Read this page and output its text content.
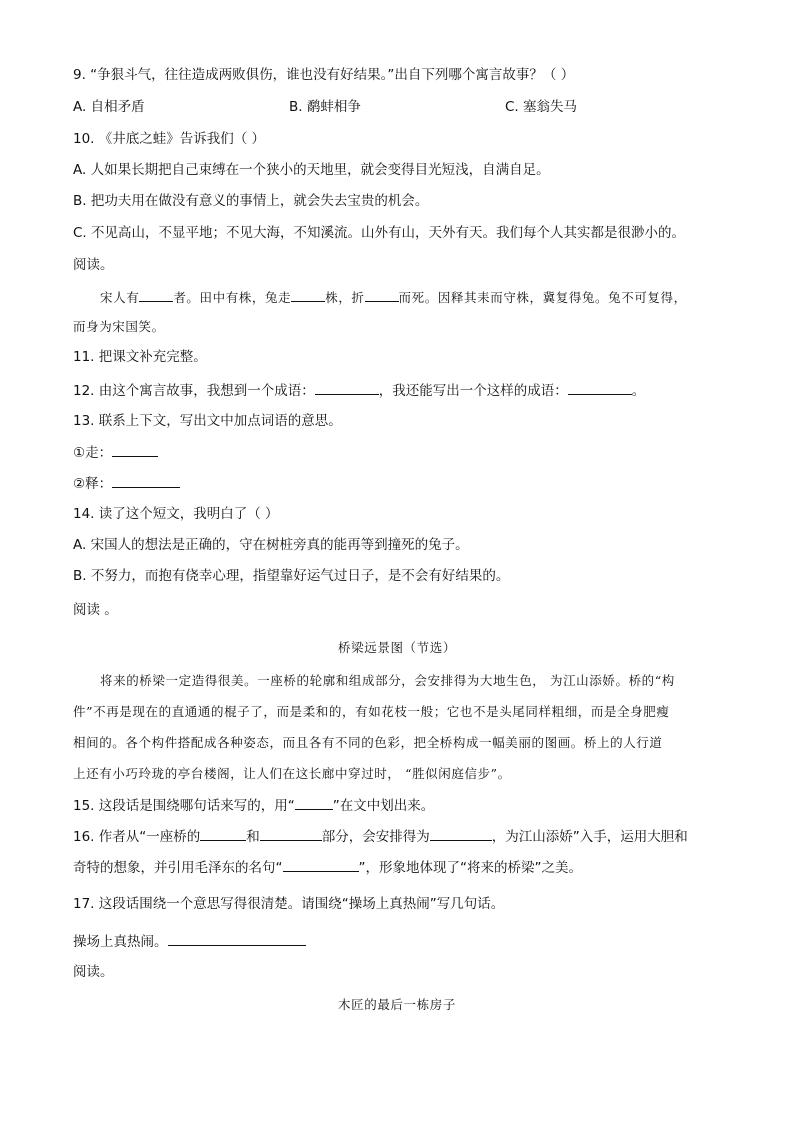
9. “争狠斗气，往往造成两败俱伤，谁也没有好结果。”出自下列哪个寓言故事？（ ）
A. 自相矛盾	B. 鹬蚌相争	C. 塞翁失马
10. 《井底之蛙》告诉我们（ ）
A. 人如果长期把自己束缚在一个狭小的天地里，就会变得目光短浅，自满自足。
B. 把功夫用在做没有意义的事情上，就会失去宝贵的机会。
C. 不见高山，不显平地；不见大海，不知溪流。山外有山，天外有天。我们每个人其实都是很渺小的。
阅读。
宋人有	者。田中有株，兔走	株，折	而死。因释其耒而守株，冀复得兔。兔不可复得，
而身为宋国笑。
11. 把课文补充完整。
12. 由这个寓言故事，我想到一个成语：	，我还能写出一个这样的成语：	。
13. 联系上下文，写出文中加点词语的意思。
①走：
②释：
14. 读了这个短文，我明白了（ ）
A. 宋国人的想法是正确的，守在树桩旁真的能再等到撞死的兔子。
B. 不努力，而抱有侥幸心理，指望靠好运气过日子，是不会有好结果的。
阅读 。
桥梁远景图（节选）
将来的桥梁一定造得很美。一座桥的轮廓和组成部分，会安排得为大地生色， 为江山添娇。桥的“构
件”不再是现在的直通通的棍子了，而是柔和的，有如花枝一般；它也不是头尾同样粗细，而是全身肥瘦
相间的。各个构件搭配成各种姿态，而且各有不同的色彩，把全桥构成一幅美丽的图画。桥上的人行道
上还有小巧玲珑的亭台楼阁，让人们在这长廊中穿过时， “胜似闲庭信步”。
15. 这段话是围绕哪句话来写的，用“	”在文中划出来。
16. 作者从“一座桥的	和	部分，会安排得为	，为江山添娇”入手，运用大胆和
奇特的想象，并引用毛泽东的名句“	”，形象地体现了“将来的桥梁”之美。
17. 这段话围绕一个意思写得很清楚。请围绕“操场上真热闹”写几句话。
操场上真热闹。
阅读。
木匠的最后一栋房子
